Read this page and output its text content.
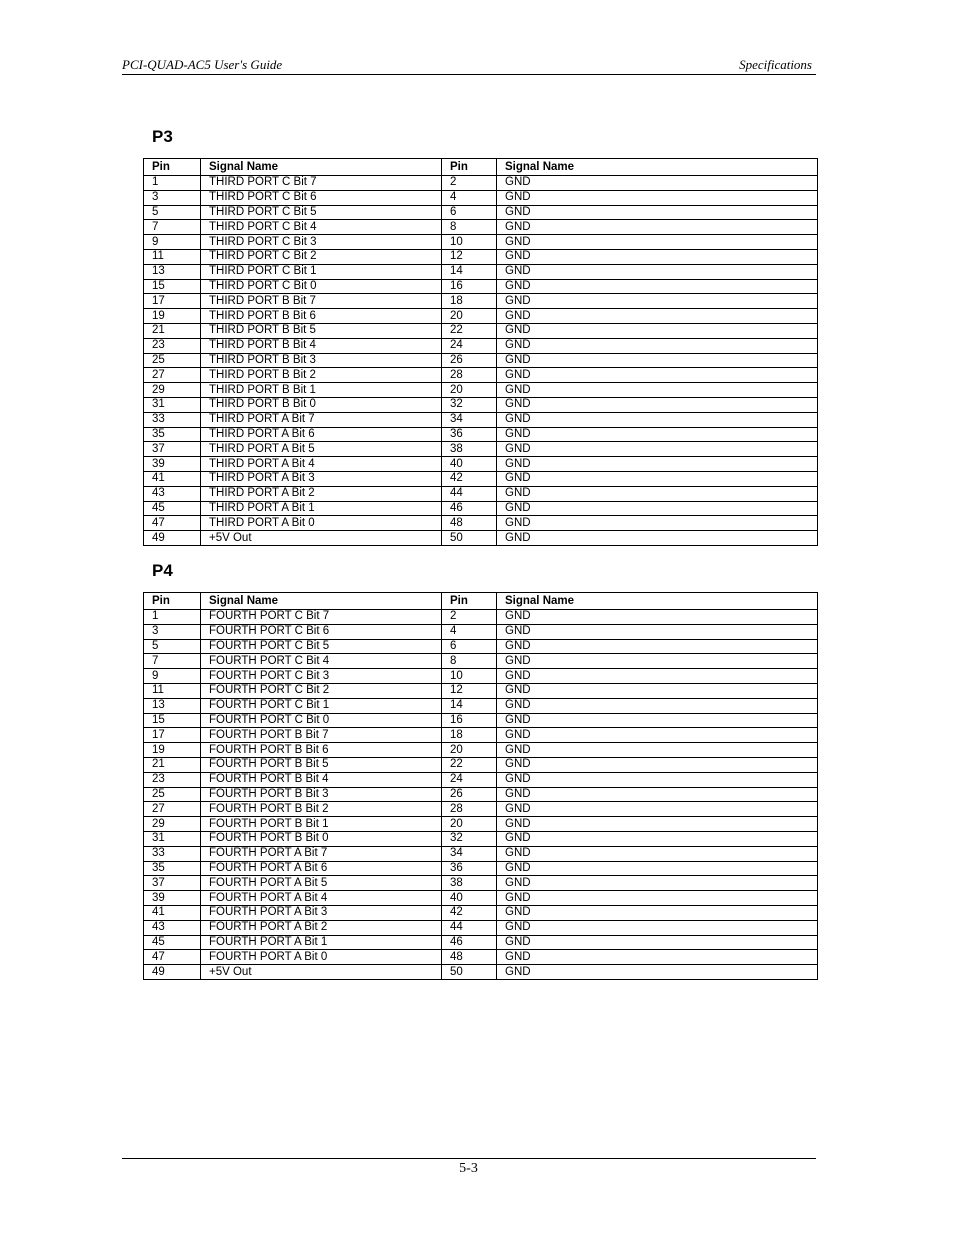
PCI-QUAD-AC5 User's Guide	Specifications
P3
Pin	Signal Name	Pin	Signal Name
1	THIRD PORT C Bit 7	2	GND
3	THIRD PORT C Bit 6	4	GND
5	THIRD PORT C Bit 5	6	GND
7	THIRD PORT C Bit 4	8	GND
9	THIRD PORT C Bit 3	10	GND
11	THIRD PORT C Bit 2	12	GND
13	THIRD PORT C Bit 1	14	GND
15	THIRD PORT C Bit 0	16	GND
17	THIRD PORT B Bit 7	18	GND
19	THIRD PORT B Bit 6	20	GND
21	THIRD PORT B Bit 5	22	GND
23	THIRD PORT B Bit 4	24	GND
25	THIRD PORT B Bit 3	26	GND
27	THIRD PORT B Bit 2	28	GND
29	THIRD PORT B Bit 1	20	GND
31	THIRD PORT B Bit 0	32	GND
33	THIRD PORT A Bit 7	34	GND
35	THIRD PORT A Bit 6	36	GND
37	THIRD PORT A Bit 5	38	GND
39	THIRD PORT A Bit 4	40	GND
41	THIRD PORT A Bit 3	42	GND
43	THIRD PORT A Bit 2	44	GND
45	THIRD PORT A Bit 1	46	GND
47	THIRD PORT A Bit 0	48	GND
49	+5V Out	50	GND
P4
Pin	Signal Name	Pin	Signal Name
1	FOURTH PORT C Bit 7	2	GND
3	FOURTH PORT C Bit 6	4	GND
5	FOURTH PORT C Bit 5	6	GND
7	FOURTH PORT C Bit 4	8	GND
9	FOURTH PORT C Bit 3	10	GND
11	FOURTH PORT C Bit 2	12	GND
13	FOURTH PORT C Bit 1	14	GND
15	FOURTH PORT C Bit 0	16	GND
17	FOURTH PORT B Bit 7	18	GND
19	FOURTH PORT B Bit 6	20	GND
21	FOURTH PORT B Bit 5	22	GND
23	FOURTH PORT B Bit 4	24	GND
25	FOURTH PORT B Bit 3	26	GND
27	FOURTH PORT B Bit 2	28	GND
29	FOURTH PORT B Bit 1	20	GND
31	FOURTH PORT B Bit 0	32	GND
33	FOURTH PORT A Bit 7	34	GND
35	FOURTH PORT A Bit 6	36	GND
37	FOURTH PORT A Bit 5	38	GND
39	FOURTH PORT A Bit 4	40	GND
41	FOURTH PORT A Bit 3	42	GND
43	FOURTH PORT A Bit 2	44	GND
45	FOURTH PORT A Bit 1	46	GND
47	FOURTH PORT A Bit 0	48	GND
49	+5V Out	50	GND
5-3
